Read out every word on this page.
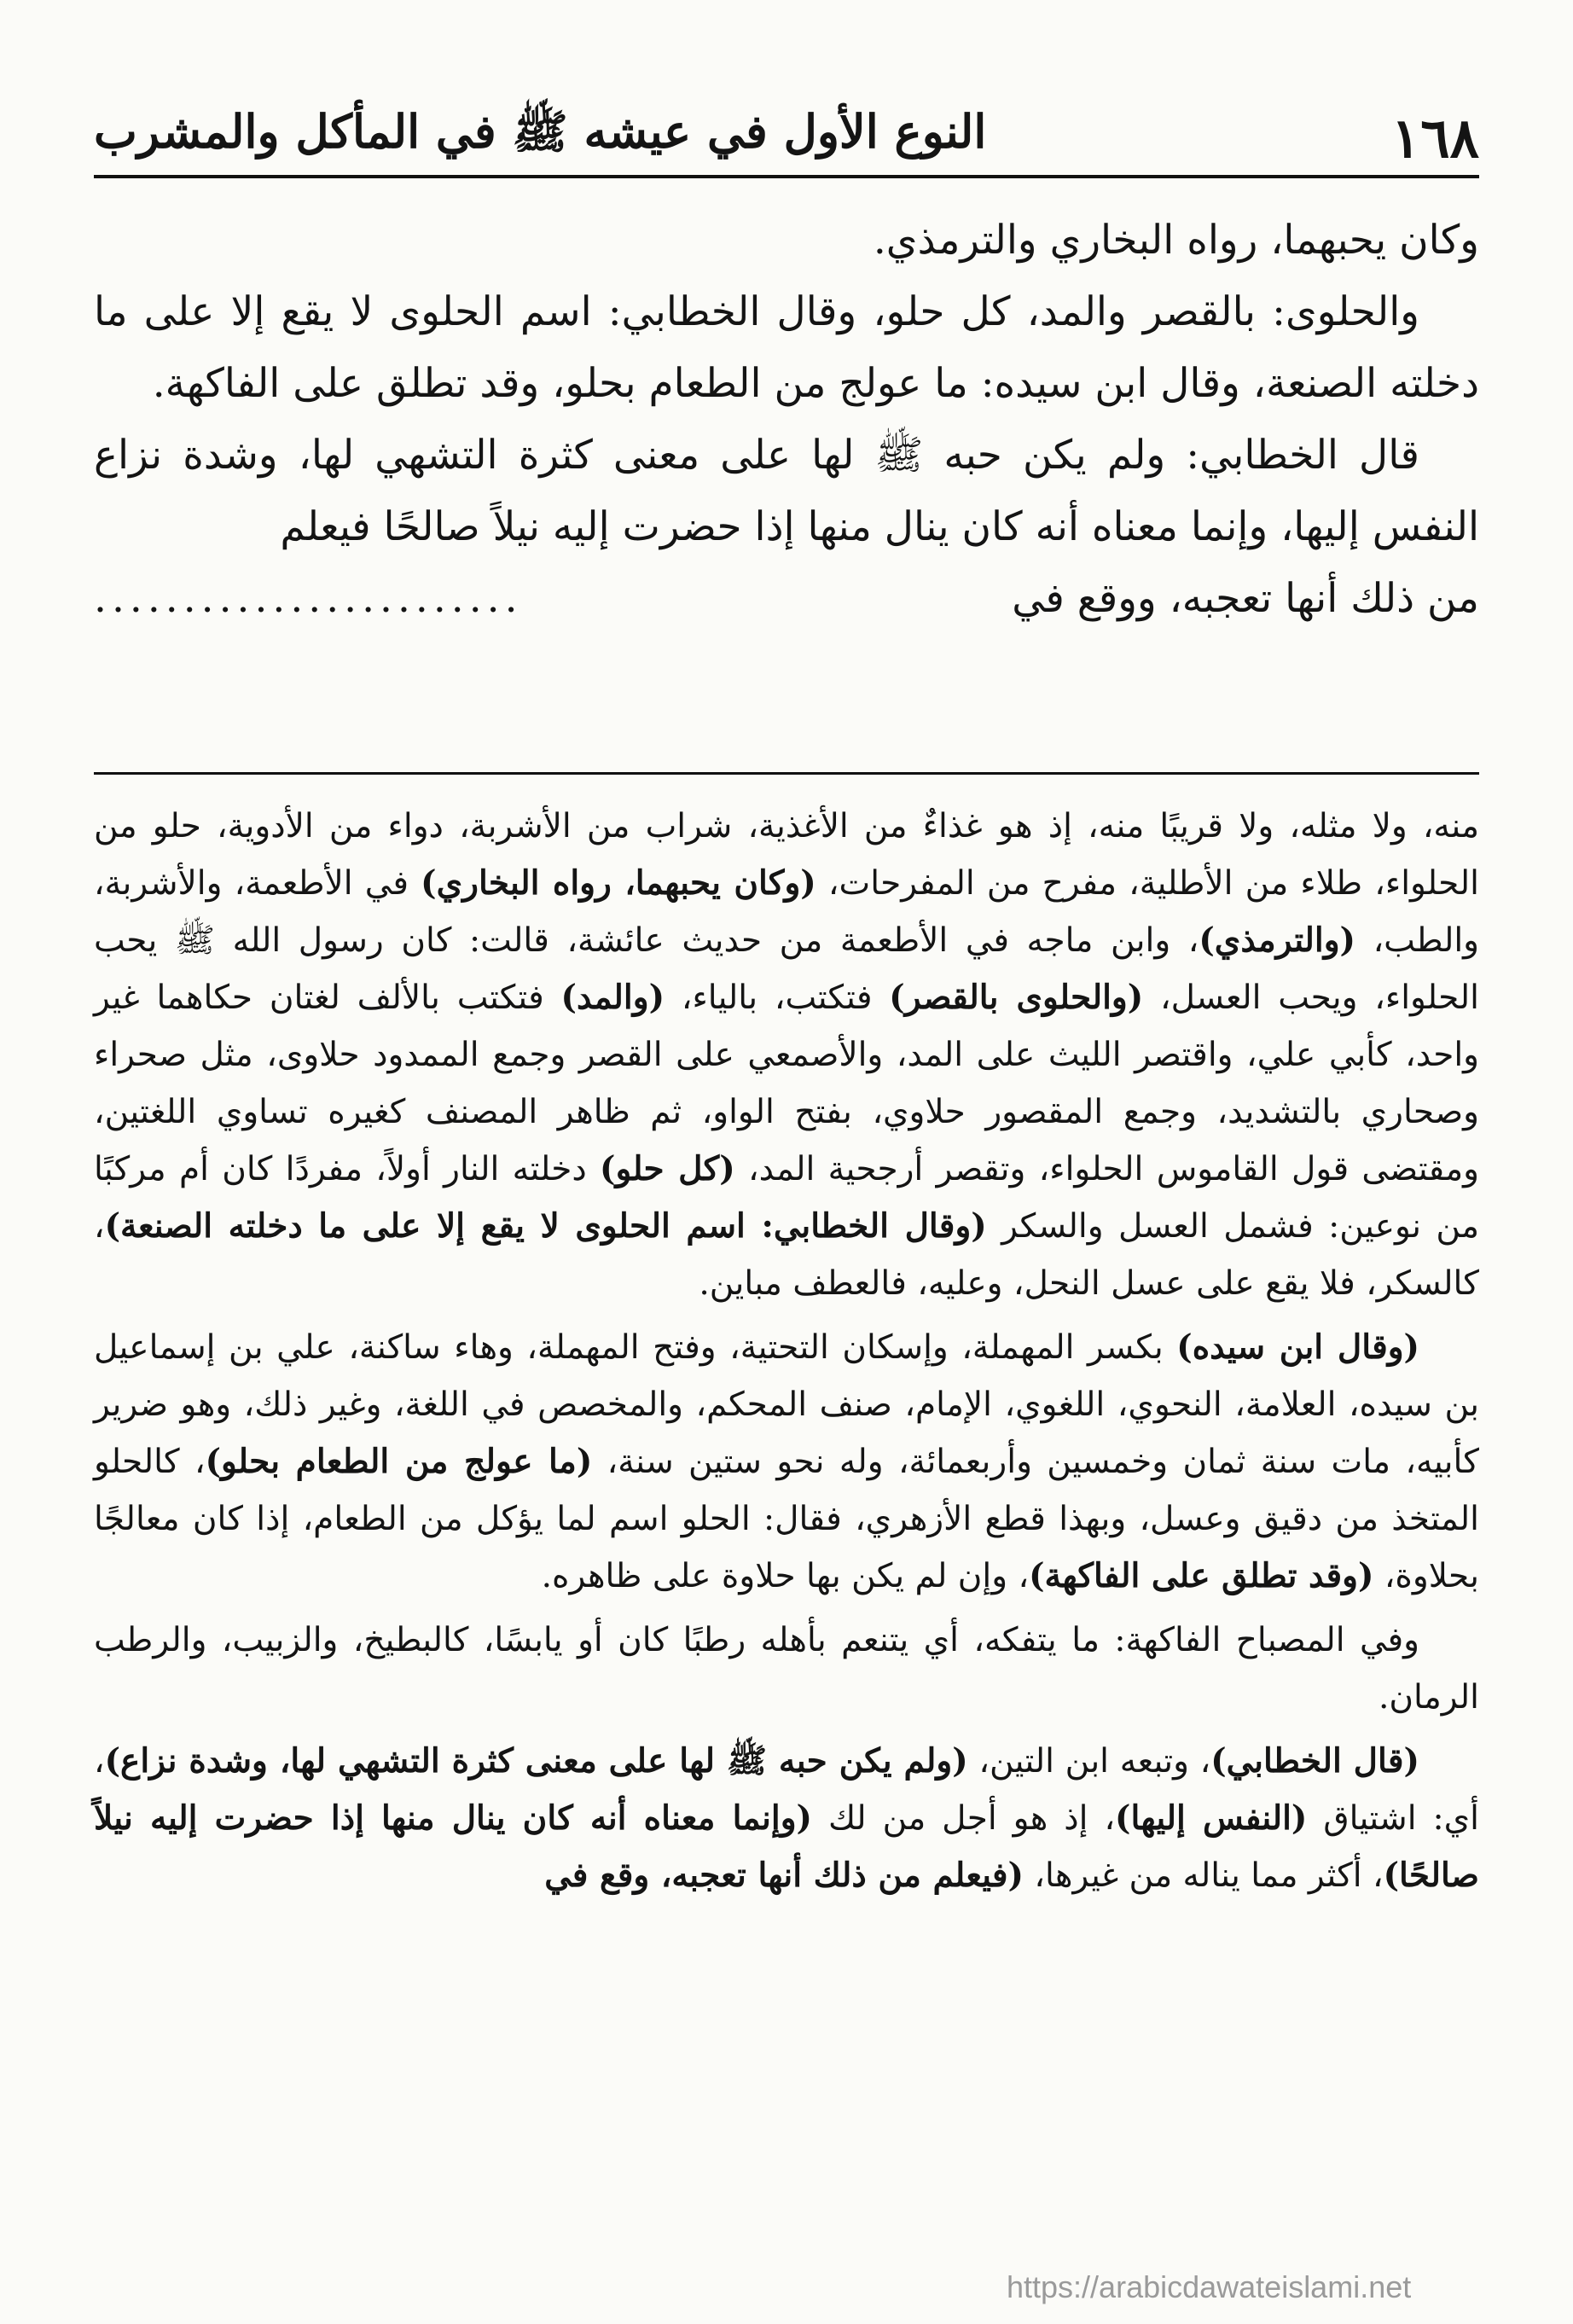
١٦٨
النوع الأول في عيشه ﷺ في المأكل والمشرب

وكان يحبهما، رواه البخاري والترمذي.

والحلوى: بالقصر والمد، كل حلو، وقال الخطابي: اسم الحلوى لا يقع إلا على ما دخلته الصنعة، وقال ابن سيده: ما عولج من الطعام بحلو، وقد تطلق على الفاكهة.

قال الخطابي: ولم يكن حبه ﷺ لها على معنى كثرة التشهي لها، وشدة نزاع النفس إليها، وإنما معناه أنه كان ينال منها إذا حضرت إليه نيلاً صالحًا فيعلم

من ذلك أنها تعجبه، ووقع في
........................

منه، ولا مثله، ولا قريبًا منه، إذ هو غذاءٌ من الأغذية، شراب من الأشربة، دواء من الأدوية، حلو من الحلواء، طلاء من الأطلية، مفرح من المفرحات، (وكان يحبهما، رواه البخاري) في الأطعمة، والأشربة، والطب، (والترمذي)، وابن ماجه في الأطعمة من حديث عائشة، قالت: كان رسول الله ﷺ يحب الحلواء، ويحب العسل، (والحلوى بالقصر) فتكتب، بالياء، (والمد) فتكتب بالألف لغتان حكاهما غير واحد، كأبي علي، واقتصر الليث على المد، والأصمعي على القصر وجمع الممدود حلاوى، مثل صحراء وصحاري بالتشديد، وجمع المقصور حلاوي، بفتح الواو، ثم ظاهر المصنف كغيره تساوي اللغتين، ومقتضى قول القاموس الحلواء، وتقصر أرجحية المد، (كل حلو) دخلته النار أولاً، مفردًا كان أم مركبًا من نوعين: فشمل العسل والسكر (وقال الخطابي: اسم الحلوى لا يقع إلا على ما دخلته الصنعة)، كالسكر، فلا يقع على عسل النحل، وعليه، فالعطف مباين.

(وقال ابن سيده) بكسر المهملة، وإسكان التحتية، وفتح المهملة، وهاء ساكنة، علي بن إسماعيل بن سيده، العلامة، النحوي، اللغوي، الإمام، صنف المحكم، والمخصص في اللغة، وغير ذلك، وهو ضرير كأبيه، مات سنة ثمان وخمسين وأربعمائة، وله نحو ستين سنة، (ما عولج من الطعام بحلو)، كالحلو المتخذ من دقيق وعسل، وبهذا قطع الأزهري، فقال: الحلو اسم لما يؤكل من الطعام، إذا كان معالجًا بحلاوة، (وقد تطلق على الفاكهة)، وإن لم يكن بها حلاوة على ظاهره.

وفي المصباح الفاكهة: ما يتفكه، أي يتنعم بأهله رطبًا كان أو يابسًا، كالبطيخ، والزبيب، والرطب الرمان.

(قال الخطابي)، وتبعه ابن التين، (ولم يكن حبه ﷺ لها على معنى كثرة التشهي لها، وشدة نزاع)، أي: اشتياق (النفس إليها)، إذ هو أجل من لك (وإنما معناه أنه كان ينال منها إذا حضرت إليه نيلاً صالحًا)، أكثر مما يناله من غيرها، (فيعلم من ذلك أنها تعجبه، وقع في

https://arabicdawateislami.net
